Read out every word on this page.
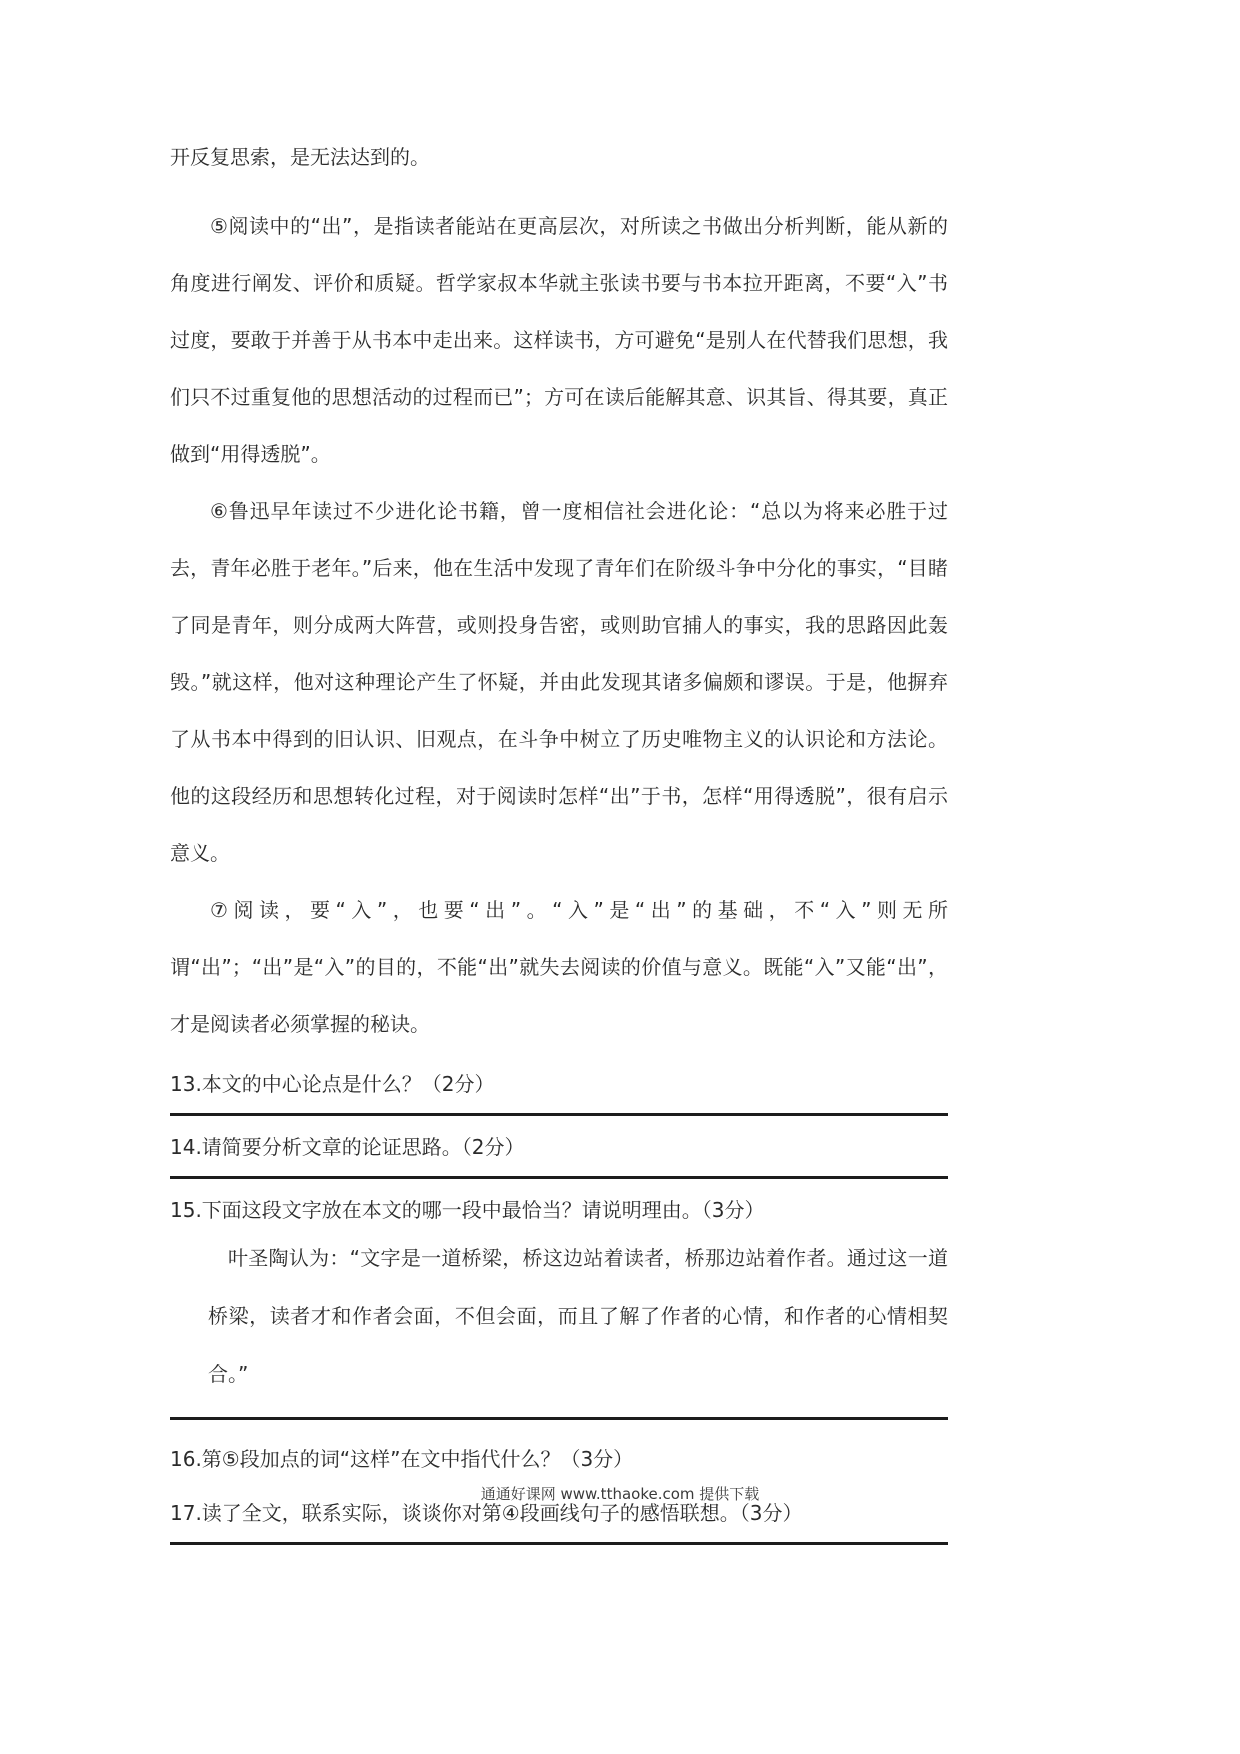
开反复思索，是无法达到的。

⑤阅读中的“出”，是指读者能站在更高层次，对所读之书做出分析判断，能从新的角度进行阐发、评价和质疑。哲学家叔本华就主张读书要与书本拉开距离，不要“入”书过度，要敢于并善于从书本中走出来。这样读书，方可避免“是别人在代替我们思想，我们只不过重复他的思想活动的过程而已”；方可在读后能解其意、识其旨、得其要，真正做到“用得透脱”。

⑥鲁迅早年读过不少进化论书籍，曾一度相信社会进化论：“总以为将来必胜于过去，青年必胜于老年。”后来，他在生活中发现了青年们在阶级斗争中分化的事实，“目睹了同是青年，则分成两大阵营，或则投身告密，或则助官捕人的事实，我的思路因此轰毁。”就这样，他对这种理论产生了怀疑，并由此发现其诸多偏颇和谬误。于是，他摒弃了从书本中得到的旧认识、旧观点，在斗争中树立了历史唯物主义的认识论和方法论。他的这段经历和思想转化过程，对于阅读时怎样“出”于书，怎样“用得透脱”，很有启示意义。

⑦阅读，要“入”，也要“出”。“入”是“出”的基础，不“入”则无所谓“出”；“出”是“入”的目的，不能“出”就失去阅读的价值与意义。既能“入”又能“出”，才是阅读者必须掌握的秘诀。

13.本文的中心论点是什么？（2分）

14.请简要分析文章的论证思路。（2分）

15.下面这段文字放在本文的哪一段中最恰当？请说明理由。（3分）

叶圣陶认为：“文字是一道桥梁，桥这边站着读者，桥那边站着作者。通过这一道桥梁，读者才和作者会面，不但会面，而且了解了作者的心情，和作者的心情相契合。”

16.第⑤段加点的词“这样”在文中指代什么？（3分）

17.读了全文，联系实际，谈谈你对第④段画线句子的感悟联想。（3分）

通通好课网 www.tthaoke.com 提供下载
